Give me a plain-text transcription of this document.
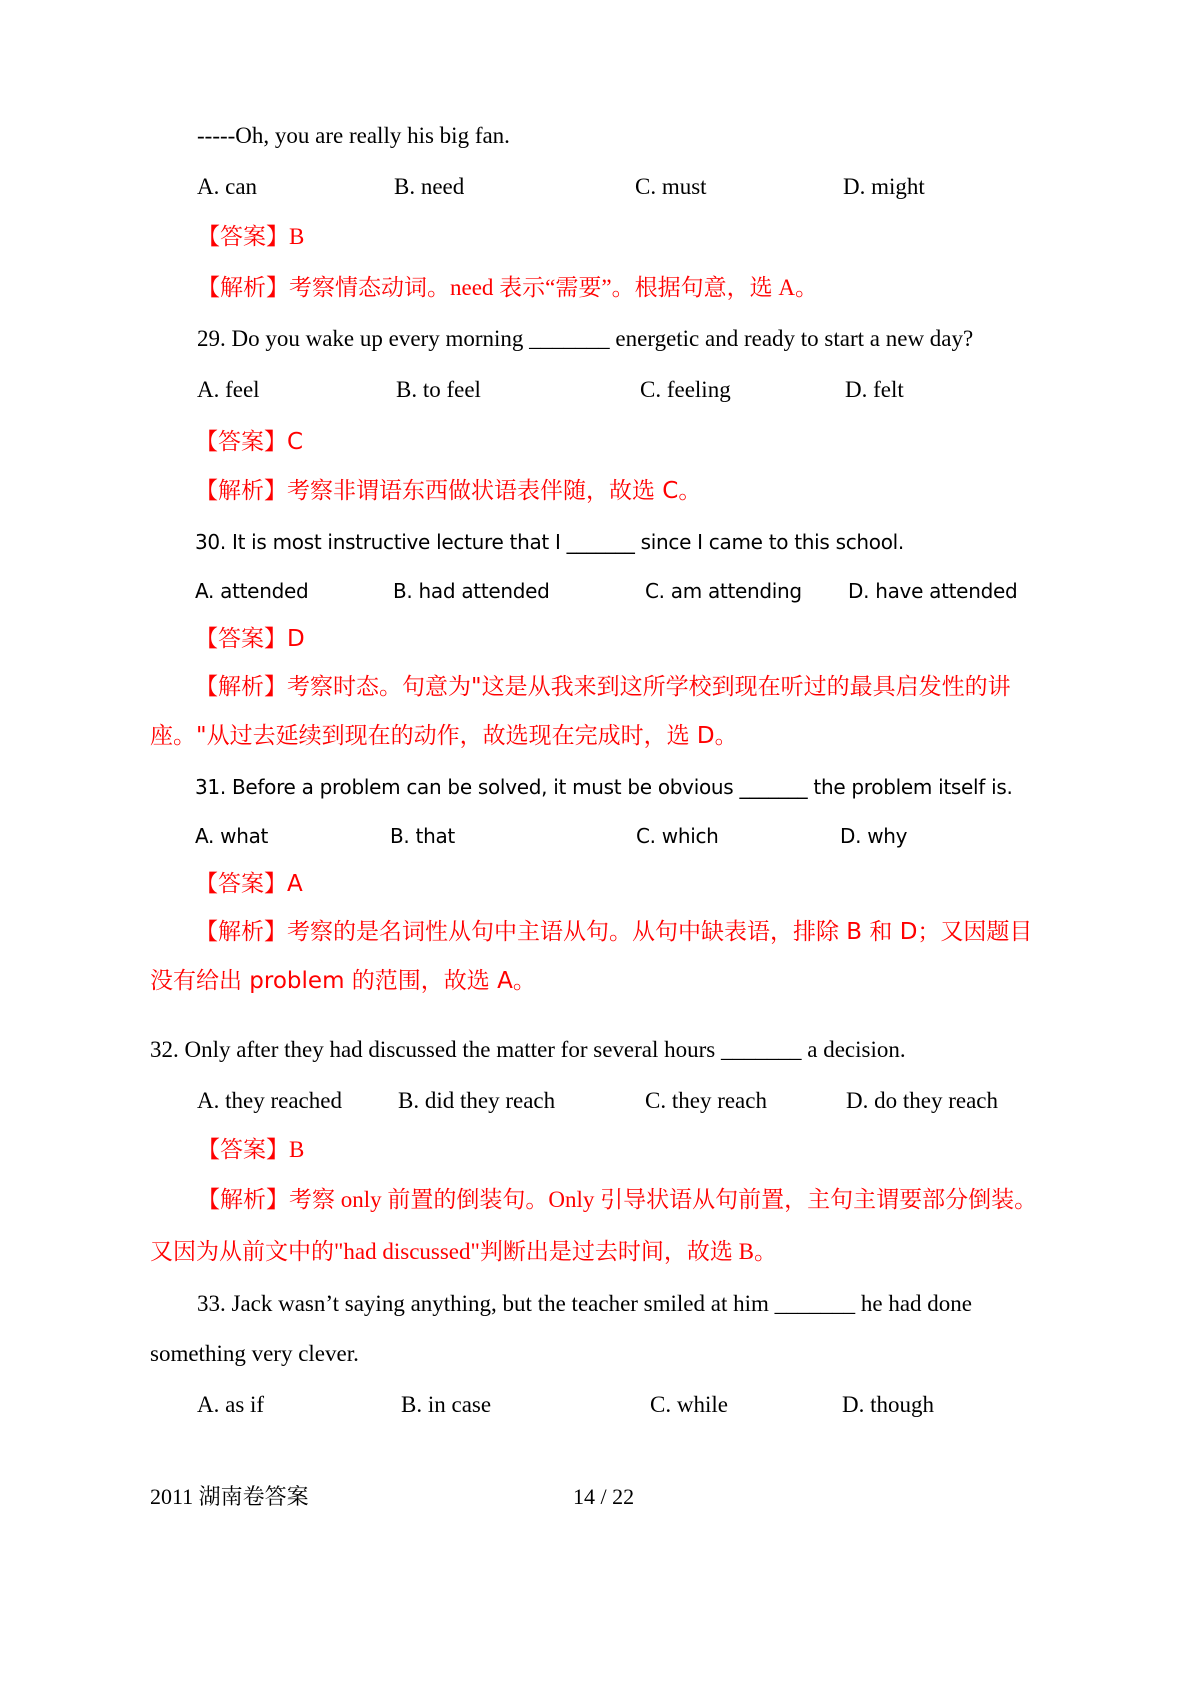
-----Oh, you are really his big fan.
A. can	B. need	C. must	D. might
【答案】B
【解析】考察情态动词。need 表示“需要”。根据句意，选 A。
29. Do you wake up every morning _______ energetic and ready to start a new day?
A. feel	B. to feel	C. feeling	D. felt
【答案】C
【解析】考察非谓语东西做状语表伴随，故选 C。
30. It is most instructive lecture that I _______ since I came to this school.
A. attended	B. had attended	C. am attending D. have attended
【答案】D
【解析】考察时态。句意为"这是从我来到这所学校到现在听过的最具启发性的讲
座。"从过去延续到现在的动作，故选现在完成时，选 D。
31. Before a problem can be solved, it must be obvious _______ the problem itself is.
A. what	B. that	C. which	D. why
【答案】A
【解析】考察的是名词性从句中主语从句。从句中缺表语，排除 B 和 D；又因题目
没有给出 problem 的范围，故选 A。
32. Only after they had discussed the matter for several hours _______ a decision.
A. they reached B. did they reach	C. they reach	D. do they reach
【答案】B
【解析】考察 only 前置的倒装句。Only 引导状语从句前置，主句主谓要部分倒装。
又因为从前文中的"had discussed"判断出是过去时间，故选 B。
33. Jack wasn’t saying anything, but the teacher smiled at him _______ he had done
something very clever.
A. as if	B. in case	C. while	D. though
2011 湖南卷答案	14 / 22
